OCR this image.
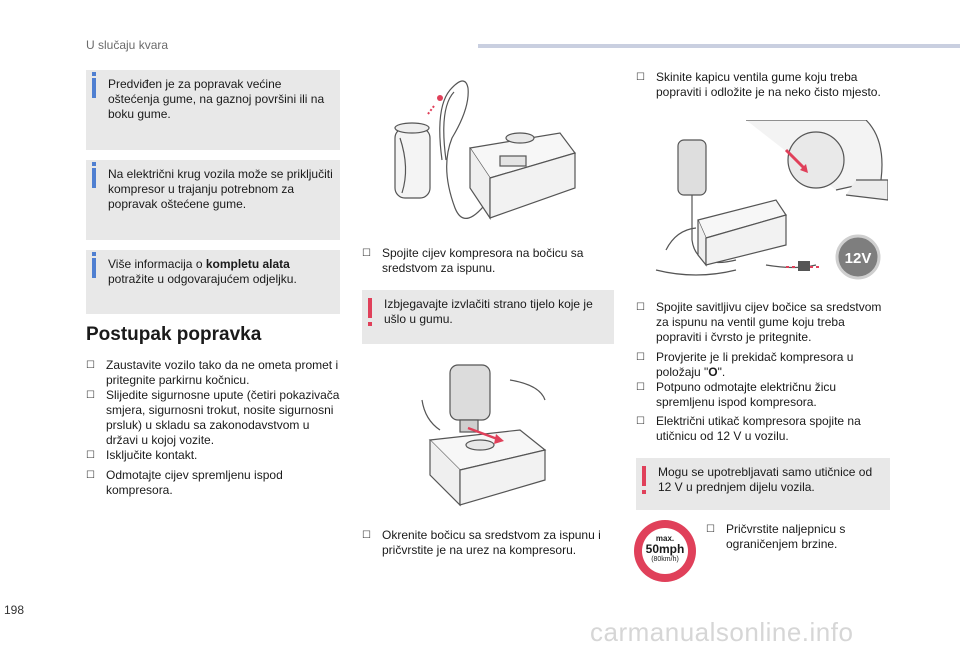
U slučaju kvara
Predviđen je za popravak većine oštećenja gume, na gaznoj površini ili na boku gume.
Na električni krug vozila može se priključiti kompresor u trajanju potrebnom za popravak oštećene gume.
Više informacija o kompletu alata potražite u odgovarajućem odjeljku.
Postupak popravka
☐ Zaustavite vozilo tako da ne ometa promet i pritegnite parkirnu kočnicu.
☐ Slijedite sigurnosne upute (četiri pokazivača smjera, sigurnosni trokut, nosite sigurnosni prsluk) u skladu sa zakonodavstvom u državi u kojoj vozite.
☐ Isključite kontakt.
☐ Odmotajte cijev spremljenu ispod kompresora.
☐ Spojite cijev kompresora na bočicu sa sredstvom za ispunu.
Izbjegavajte izvlačiti strano tijelo koje je ušlo u gumu.
☐ Okrenite bočicu sa sredstvom za ispunu i pričvrstite je na urez na kompresoru.
☐ Skinite kapicu ventila gume koju treba popraviti i odložite je na neko čisto mjesto.
12V
☐ Spojite savitljivu cijev bočice sa sredstvom za ispunu na ventil gume koju treba popraviti i čvrsto je pritegnite.
☐ Provjerite je li prekidač kompresora u položaju "O".
☐ Potpuno odmotajte električnu žicu spremljenu ispod kompresora.
☐ Električni utikač kompresora spojite na utičnicu od 12 V u vozilu.
Mogu se upotrebljavati samo utičnice od 12 V u prednjem dijelu vozila.
max.
50mph
(80km/h)
☐ Pričvrstite naljepnicu s ograničenjem brzine.
198
carmanualsonline.info
